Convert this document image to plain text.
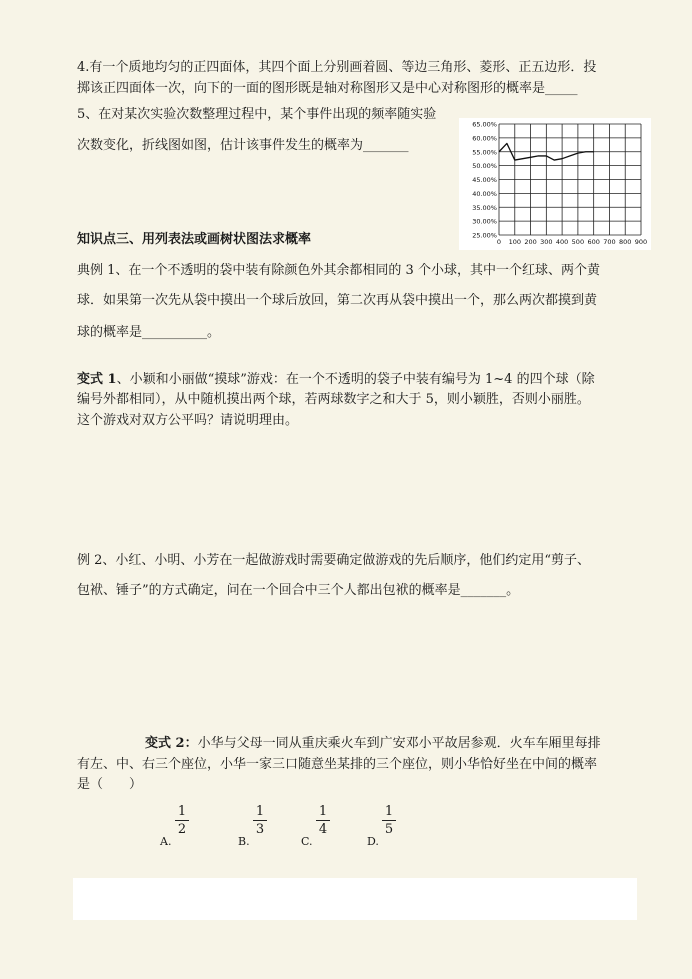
4.有一个质地均匀的正四面体，其四个面上分别画着圆、等边三角形、菱形、正五边形．投
掷该正四面体一次，向下的一面的图形既是轴对称图形又是中心对称图形的概率是_____
5、在对某次实验次数整理过程中，某个事件出现的频率随实验
次数变化，折线图如图，估计该事件发生的概率为_______
25.00%
30.00%
35.00%
40.00%
45.00%
50.00%
55.00%
60.00%
65.00%
0 100 200 300 400 500 600 700 800 900
知识点三、用列表法或画树状图法求概率
典例 1、在一个不透明的袋中装有除颜色外其余都相同的 3 个小球，其中一个红球、两个黄
球．如果第一次先从袋中摸出一个球后放回，第二次再从袋中摸出一个，那么两次都摸到黄
球的概率是__________。
变式 1、小颖和小丽做“摸球”游戏：在一个不透明的袋子中装有编号为 1~4 的四个球（除
编号外都相同），从中随机摸出两个球，若两球数字之和大于 5，则小颖胜，否则小丽胜。
这个游戏对双方公平吗？请说明理由。
例 2、小红、小明、小芳在一起做游戏时需要确定做游戏的先后顺序，他们约定用“剪子、
包袱、锤子”的方式确定，问在一个回合中三个人都出包袱的概率是_______。
变式 2：小华与父母一同从重庆乘火车到广安邓小平故居参观．火车车厢里每排
有左、中、右三个座位，小华一家三口随意坐某排的三个座位，则小华恰好坐在中间的概率
是（　　）
A.
1
2
B.
1
3
C.
1
4
D.
1
5
